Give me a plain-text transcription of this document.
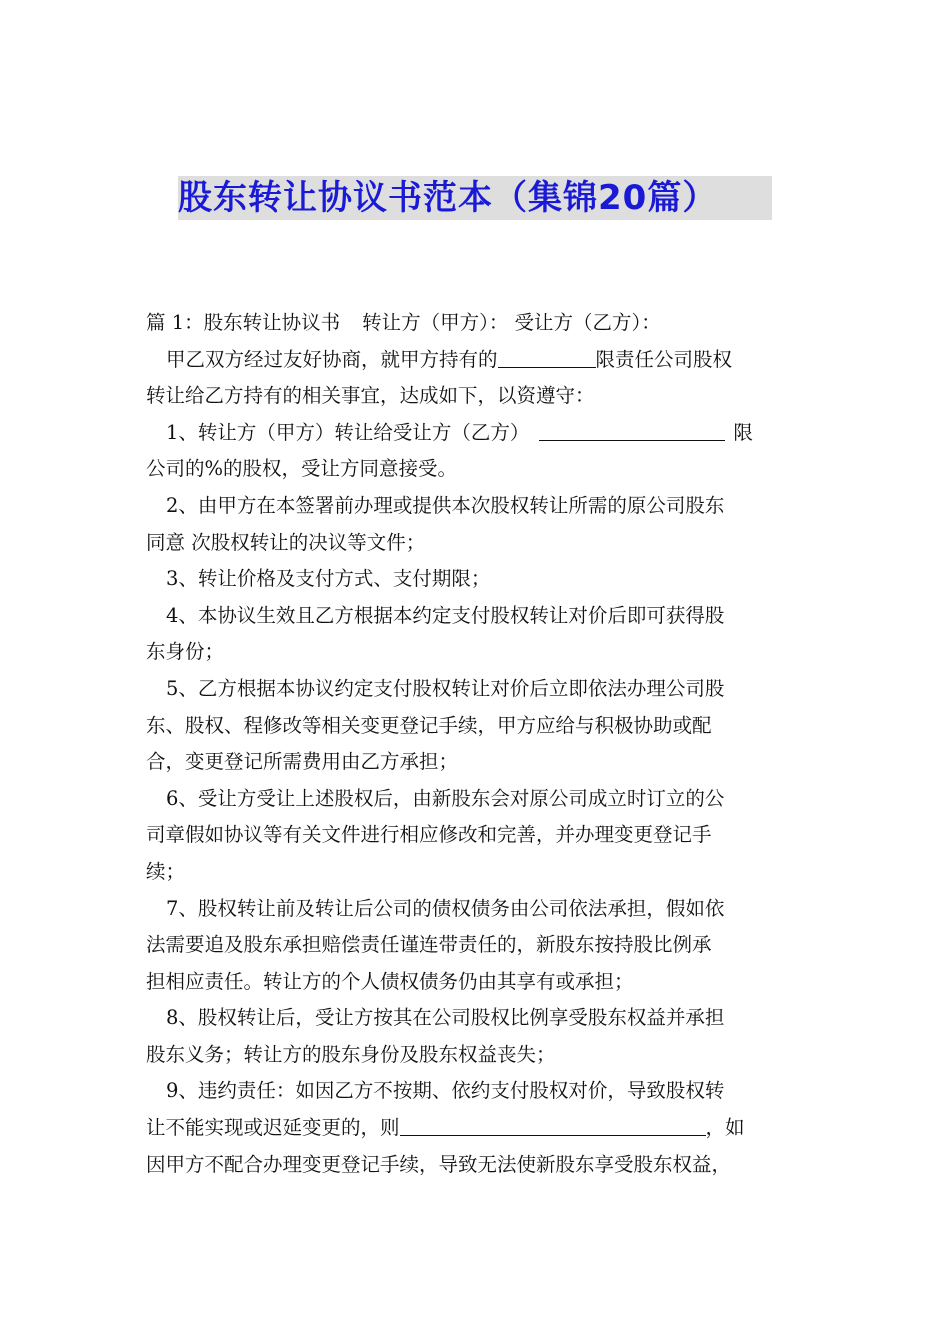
股东转让协议书范本（集锦20篇）
篇 1：股东转让协议书 转让方（甲方）： 受让方（乙方）：
甲乙双方经过友好协商，就甲方持有的	限责任公司股权
转让给乙方持有的相关事宜，达成如下，以资遵守：
1、转让方（甲方）转让给受让方（乙方）	限
公司的%的股权，受让方同意接受。
2、由甲方在本签署前办理或提供本次股权转让所需的原公司股东
同意 次股权转让的决议等文件；
3、转让价格及支付方式、支付期限；
4、本协议生效且乙方根据本约定支付股权转让对价后即可获得股
东身份；
5、乙方根据本协议约定支付股权转让对价后立即依法办理公司股
东、股权、程修改等相关变更登记手续，甲方应给与积极协助或配
合，变更登记所需费用由乙方承担；
6、受让方受让上述股权后，由新股东会对原公司成立时订立的公
司章假如协议等有关文件进行相应修改和完善，并办理变更登记手
续；
7、股权转让前及转让后公司的债权债务由公司依法承担，假如依
法需要追及股东承担赔偿责任谨连带责任的，新股东按持股比例承
担相应责任。转让方的个人债权债务仍由其享有或承担；
8、股权转让后，受让方按其在公司股权比例享受股东权益并承担
股东义务；转让方的股东身份及股东权益丧失；
9、违约责任：如因乙方不按期、依约支付股权对价，导致股权转
让不能实现或迟延变更的，则	，如
因甲方不配合办理变更登记手续，导致无法使新股东享受股东权益，
